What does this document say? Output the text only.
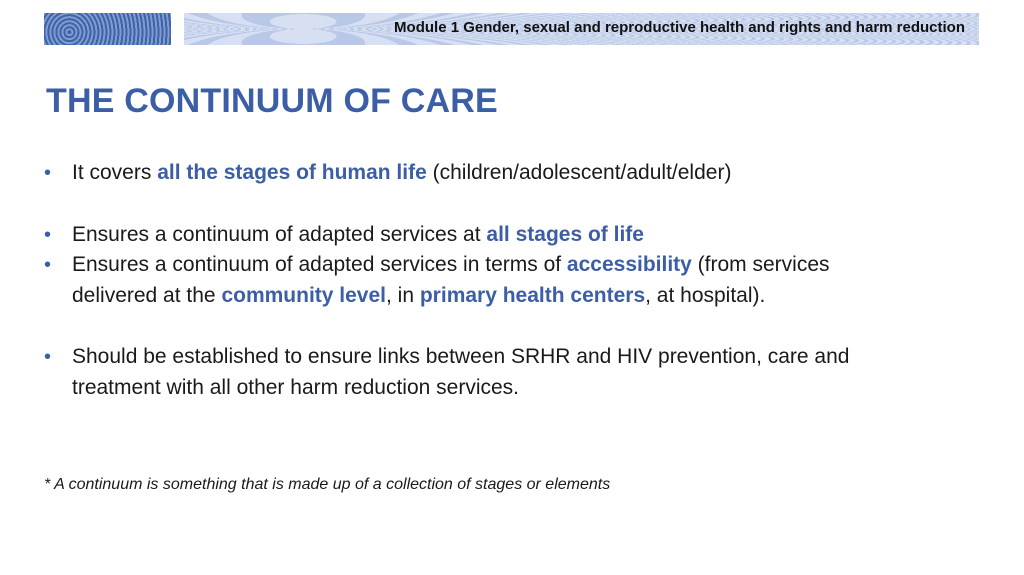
Module 1 Gender, sexual and reproductive health and rights and harm reduction
THE CONTINUUM OF CARE
• It covers all the stages of human life (children/adolescent/adult/elder)
• Ensures a continuum of adapted services at all stages of life
• Ensures a continuum of adapted services in terms of accessibility (from services delivered at the community level, in primary health centers, at hospital).
• Should be established to ensure links between SRHR and HIV prevention, care and treatment with all other harm reduction services.
* A continuum is something that is made up of a collection of stages or elements
